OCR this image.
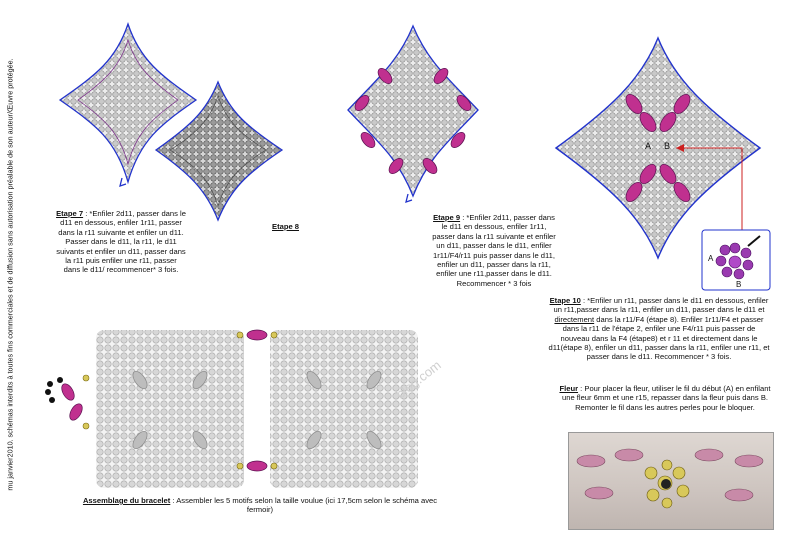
mu janvier2010. schémas interdits à toutes fins commerciales et de diffusion sans autorisation préalable de son auteur/Œuvre protégée.	Etape 7 : *Enfiler 2d11, passer dans le d11 en dessous, enfiler 1r11, passer dans la r11 suivante et enfiler un d11. Passer dans le d11, la r11, le d11 suivants et enfiler un d11, passer dans la r11 puis enfiler une r11, passer dans le d11/ recommencer* 3 fois.
Etape 8
Etape 9 : *Enfiler 2d11, passer dans le d11 en dessous, enfiler 1r11, passer dans la r11 suivante et enfiler un d11, passer dans le d11, enfiler 1r11/F4/r11 puis passer dans le d11, enfiler un d11, passer dans la r11, enfiler une r11,passer dans le d11. Recommencer * 3 fois
A B
A
B
Etape 10 : *Enfiler un r11, passer dans le d11 en dessous, enfiler un r11,passer dans la r11, enfiler un d11, passer dans le d11 et directement dans la r11/F4 (étape 8). Enfiler 1r11/F4 et passer dans la r11 de l'étape 2, enfiler une F4/r11 puis passer de nouveau dans la F4 (étape8) et r 11 et directement dans le d11(étape 8), enfiler un d11, passer dans la r11, enfiler une r11, et passer dans le d11. Recommencer * 3 fois.
Fleur : Pour placer la fleur, utiliser le fil du début (A) en enfilant une fleur 6mm et une r15, repasser dans la fleur puis dans B. Remonter le fil dans les autres perles pour le bloquer.
Assemblage du bracelet : Assembler les 5 motifs selon la taille voulue (ici 17,5cm selon le schéma avec fermoir)
blog.com
